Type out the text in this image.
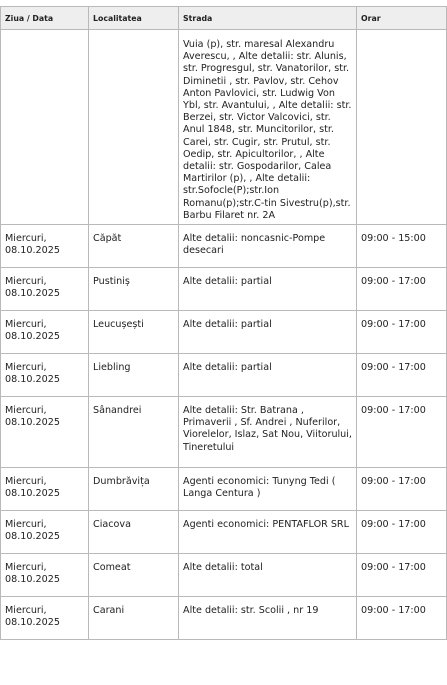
Ziua / Data	Localitatea	Strada	Orar
		Vuia (p), str. maresal Alexandru Averescu, , Alte detalii: str. Alunis, str. Progresgul, str. Vanatorilor, str. Diminetii , str. Pavlov, str. Cehov Anton Pavlovici, str. Ludwig Von Ybl, str. Avantului, , Alte detalii: str. Berzei, str. Victor Valcovici, str. Anul 1848, str. Muncitorilor, str. Carei, str. Cugir, str. Prutul, str. Oedip, str. Apicultorilor, , Alte detalii: str. Gospodarilor, Calea Martirilor (p), , Alte detalii: str.Sofocle(P);str.Ion Romanu(p);str.C-tin Sivestru(p),str. Barbu Filaret nr. 2A	
Miercuri, 08.10.2025	Căpăt	Alte detalii: noncasnic-Pompe desecari	09:00 - 15:00
Miercuri, 08.10.2025	Pustiniș	Alte detalii: partial	09:00 - 17:00
Miercuri, 08.10.2025	Leucușești	Alte detalii: partial	09:00 - 17:00
Miercuri, 08.10.2025	Liebling	Alte detalii: partial	09:00 - 17:00
Miercuri, 08.10.2025	Sânandrei	Alte detalii: Str. Batrana , Primaverii , Sf. Andrei , Nuferilor, Viorelelor, Islaz, Sat Nou, Viitorului, Tineretului	09:00 - 17:00
Miercuri, 08.10.2025	Dumbrăvița	Agenti economici: Tunyng Tedi ( Langa Centura )	09:00 - 17:00
Miercuri, 08.10.2025	Ciacova	Agenti economici: PENTAFLOR SRL	09:00 - 17:00
Miercuri, 08.10.2025	Comeat	Alte detalii: total	09:00 - 17:00
Miercuri, 08.10.2025	Carani	Alte detalii: str. Scolii , nr 19	09:00 - 17:00
